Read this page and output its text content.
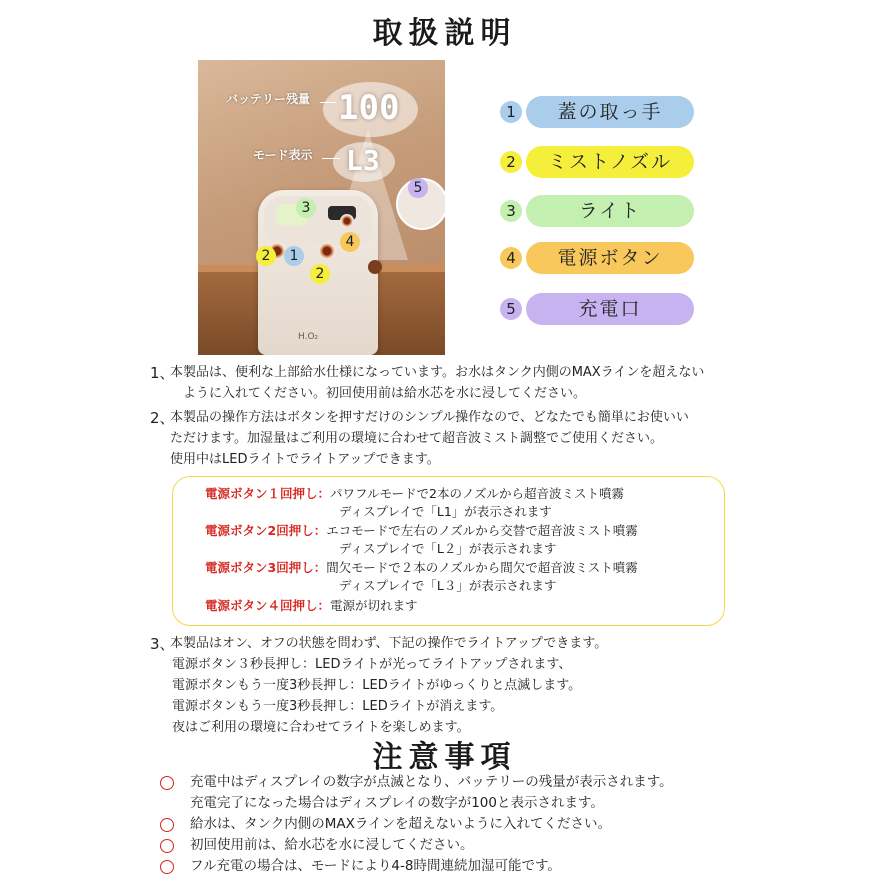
取扱説明
100
L3
バッテリー残量
モード表示
H.O₂
3
4
2	1
2
5
1	蓋の取っ手
2	ミストノズル
3	ライト
4	電源ボタン
5	充電口
1、
本製品は、便利な上部給水仕様になっています。お水はタンク内側のMAXラインを超えない
ように入れてください。初回使用前は給水芯を水に浸してください。
2、
本製品の操作方法はボタンを押すだけのシンプル操作なので、どなたでも簡単にお使いい
ただけます。加湿量はご利用の環境に合わせて超音波ミスト調整でご使用ください。
使用中はLEDライトでライトアップできます。
電源ボタン１回押し：パワフルモードで2本のノズルから超音波ミスト噴霧
ディスプレイで「L1」が表示されます
電源ボタン2回押し：エコモードで左右のノズルから交替で超音波ミスト噴霧
ディスプレイで「L２」が表示されます
電源ボタン3回押し：間欠モードで２本のノズルから間欠で超音波ミスト噴霧
ディスプレイで「L３」が表示されます
電源ボタン４回押し：電源が切れます
3、
本製品はオン、オフの状態を問わず、下記の操作でライトアップできます。
電源ボタン３秒長押し：LEDライトが光ってライトアップされます、
電源ボタンもう一度3秒長押し：LEDライトがゆっくりと点滅します。
電源ボタンもう一度3秒長押し：LEDライトが消えます。
夜はご利用の環境に合わせてライトを楽しめます。
注意事項
充電中はディスプレイの数字が点滅となり、バッテリーの残量が表示されます。
充電完了になった場合はディスプレイの数字が100と表示されます。
給水は、タンク内側のMAXラインを超えないように入れてください。
初回使用前は、給水芯を水に浸してください。
フル充電の場合は、モードにより4-8時間連続加湿可能です。
